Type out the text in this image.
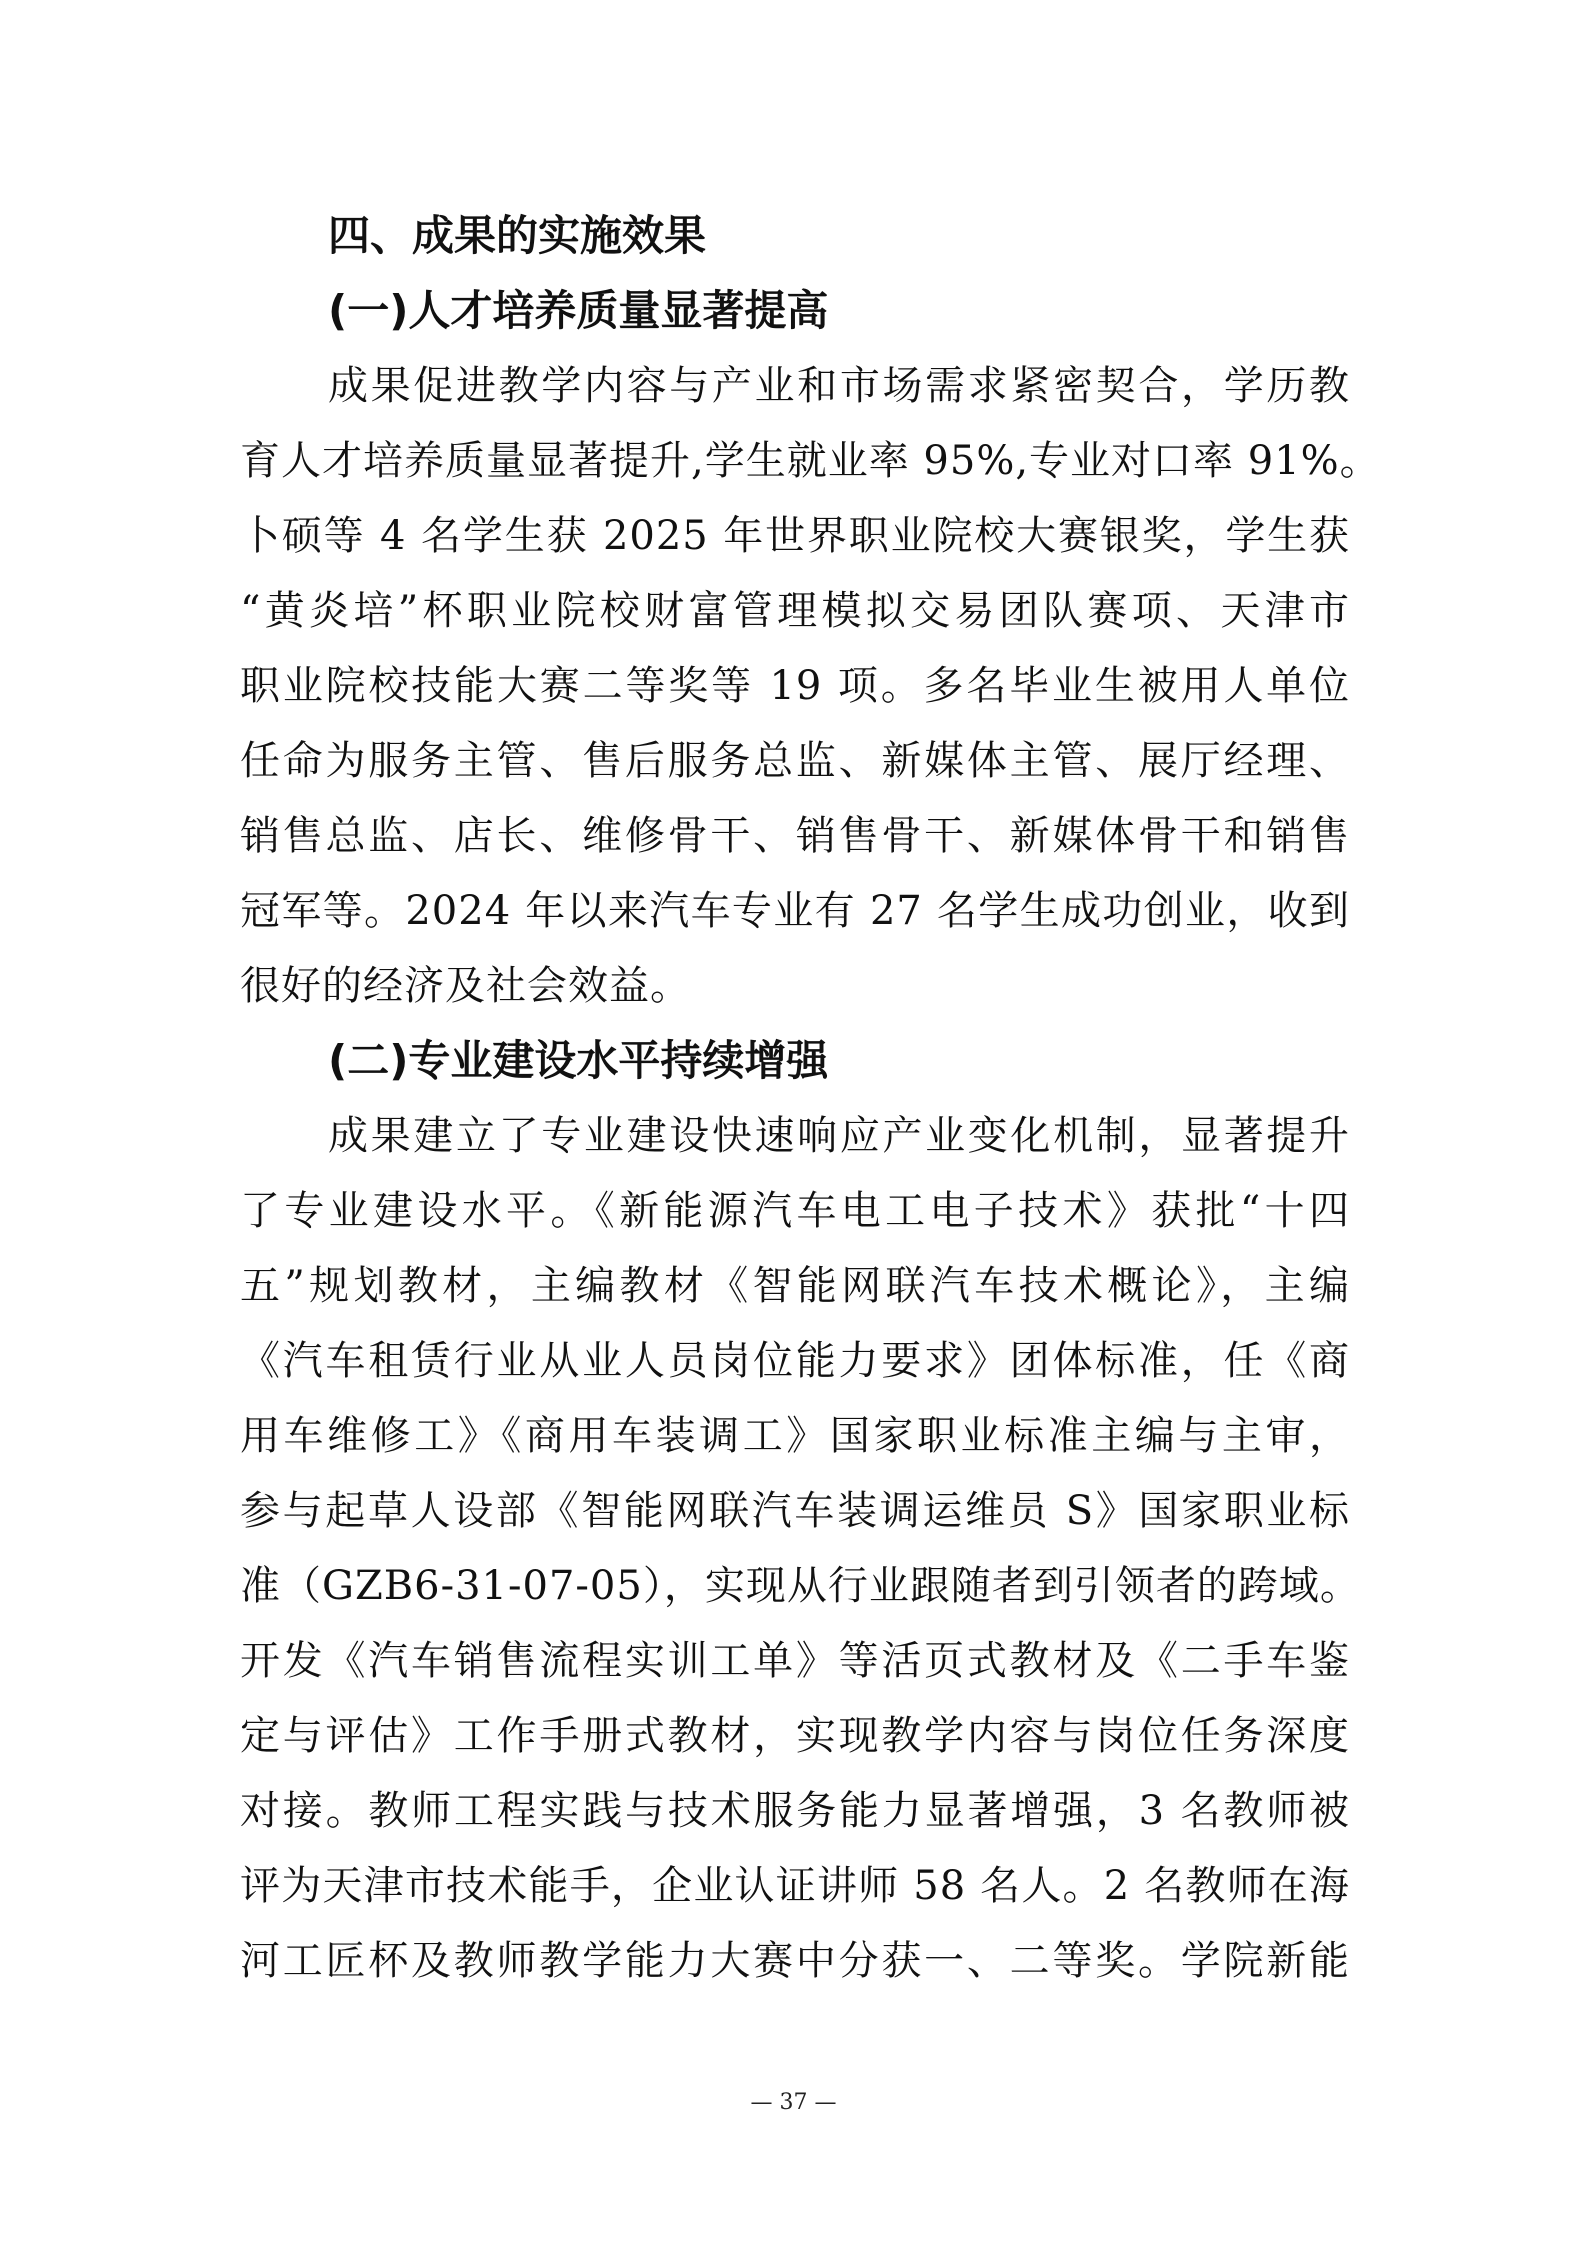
四、成果的实施效果
(一)人才培养质量显著提高
成果促进教学内容与产业和市场需求紧密契合，学历教
育人才培养质量显著提升,学生就业率 95%,专业对口率 91%。
卜硕等 4 名学生获 2025 年世界职业院校大赛银奖，学生获
“黄炎培”杯职业院校财富管理模拟交易团队赛项、天津市
职业院校技能大赛二等奖等 19 项。多名毕业生被用人单位
任命为服务主管、售后服务总监、新媒体主管、展厅经理、
销售总监、店长、维修骨干、销售骨干、新媒体骨干和销售
冠军等。2024 年以来汽车专业有 27 名学生成功创业，收到
很好的经济及社会效益。
(二)专业建设水平持续增强
成果建立了专业建设快速响应产业变化机制，显著提升
了专业建设水平。《新能源汽车电工电子技术》获批“十四
五”规划教材，主编教材《智能网联汽车技术概论》，主编
《汽车租赁行业从业人员岗位能力要求》团体标准，任《商
用车维修工》《商用车装调工》国家职业标准主编与主审，
参与起草人设部《智能网联汽车装调运维员 S》国家职业标
准（GZB6-31-07-05），实现从行业跟随者到引领者的跨域。
开发《汽车销售流程实训工单》等活页式教材及《二手车鉴
定与评估》工作手册式教材，实现教学内容与岗位任务深度
对接。教师工程实践与技术服务能力显著增强，3 名教师被
评为天津市技术能手，企业认证讲师 58 名人。2 名教师在海
河工匠杯及教师教学能力大赛中分获一、二等奖。学院新能
— 37 —
